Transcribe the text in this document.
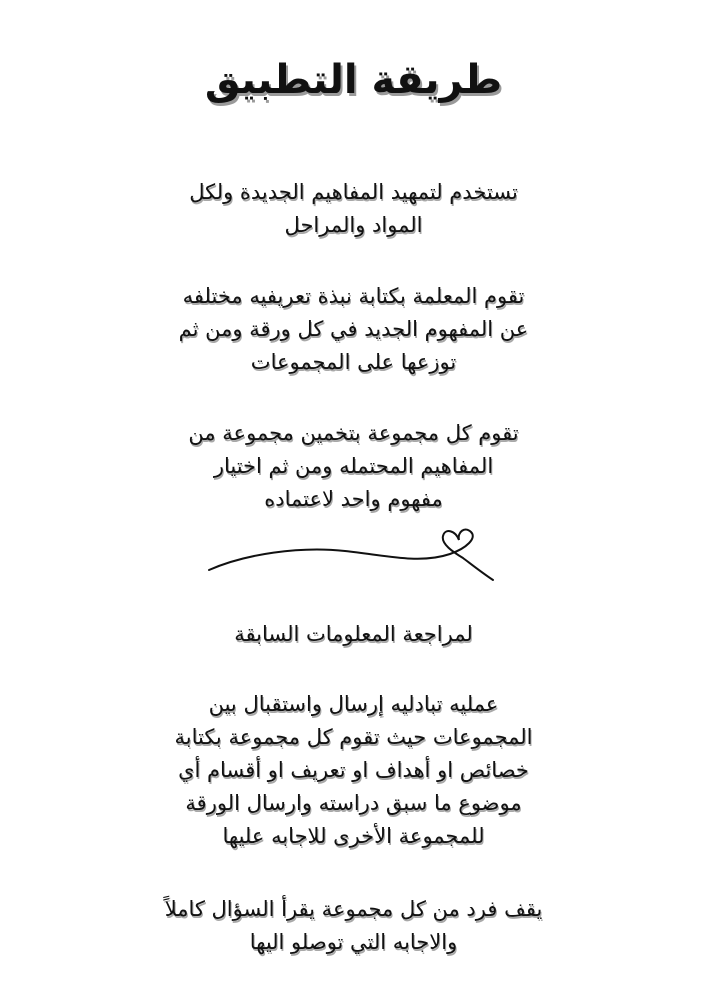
طريقة التطبيق
تستخدم لتمهيد المفاهيم الجديدة ولكل
المواد والمراحل
تقوم المعلمة بكتابة نبذة تعريفيه مختلفه
عن المفهوم الجديد في كل ورقة ومن ثم
توزعها على المجموعات
تقوم كل مجموعة بتخمين مجموعة من
المفاهيم المحتمله ومن ثم اختيار
مفهوم واحد لاعتماده
لمراجعة المعلومات السابقة
عمليه تبادليه إرسال واستقبال بين
المجموعات حيث تقوم كل مجموعة بكتابة
خصائص او أهداف او تعريف او أقسام أي
موضوع ما سبق دراسته وارسال الورقة
للمجموعة الأخرى للاجابه عليها
يقف فرد من كل مجموعة يقرأ السؤال كاملاً
والاجابه التي توصلو اليها
